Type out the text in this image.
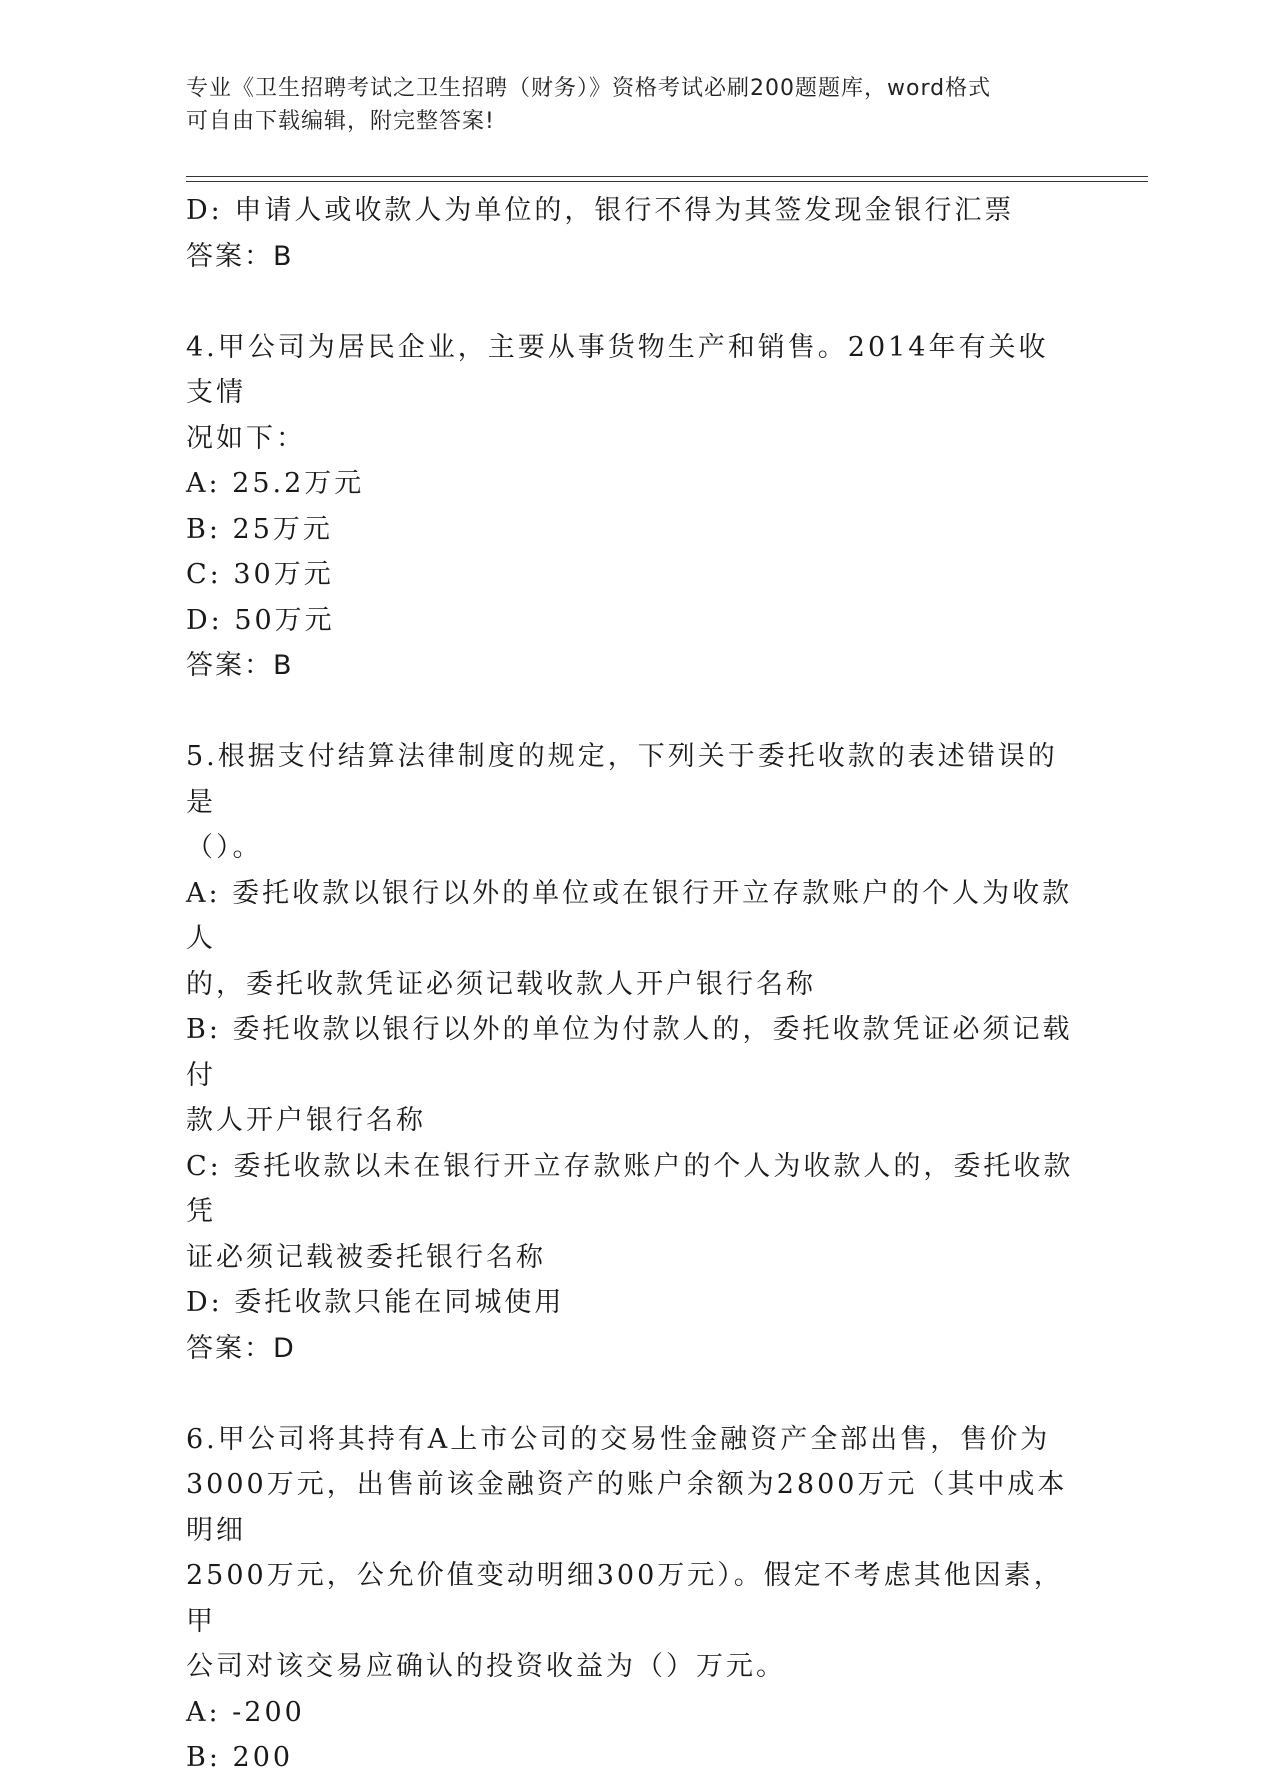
专业《卫生招聘考试之卫生招聘（财务）》资格考试必刷200题题库，word格式
可自由下载编辑，附完整答案!

D: 申请人或收款人为单位的，银行不得为其签发现金银行汇票

答案：B

4.甲公司为居民企业，主要从事货物生产和销售。2014年有关收支情

况如下：

A: 25.2万元

B: 25万元

C: 30万元

D: 50万元

答案：B

5.根据支付结算法律制度的规定，下列关于委托收款的表述错误的是

（）。

A: 委托收款以银行以外的单位或在银行开立存款账户的个人为收款人

的，委托收款凭证必须记载收款人开户银行名称

B: 委托收款以银行以外的单位为付款人的，委托收款凭证必须记载付

款人开户银行名称

C: 委托收款以未在银行开立存款账户的个人为收款人的，委托收款凭

证必须记载被委托银行名称

D: 委托收款只能在同城使用

答案：D

6.甲公司将其持有A上市公司的交易性金融资产全部出售，售价为

3000万元，出售前该金融资产的账户余额为2800万元（其中成本明细

2500万元，公允价值变动明细300万元）。假定不考虑其他因素，甲

公司对该交易应确认的投资收益为（）万元。

A: -200

B: 200
